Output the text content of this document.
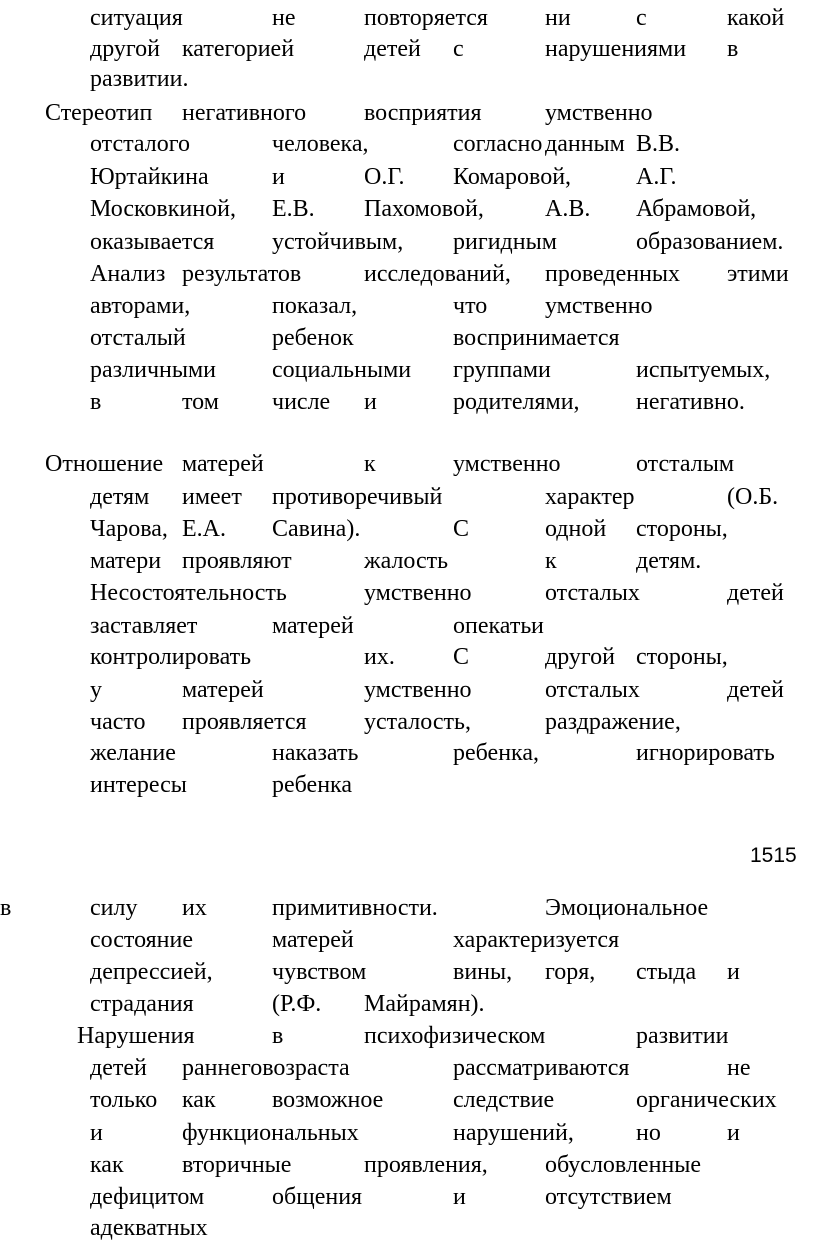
ситуация	не	повторяется ни	с	какой
другой категорией	детей с	нарушениями в
развитии.
Стереотип негативного восприятия	умственно
отсталого	человека,	согласно данным В.В.
Юртайкина	и	О.Г. Комаровой,	А.Г.
Московкиной, Е.В. Пахомовой,	А.В. Абрамовой,
оказывается устойчивым, ригидным	образованием.
Анализ результатов	исследований, проведенных этими
авторами,	показал,	что умственно
отсталый	ребенок	воспринимается
различными социальными группами	испытуемых,
в	том числе и	родителями, негативно.
Отношение матерей	к	умственно	отсталым
детям имеет противоречивый	характер	(О.Б.
Чарова, Е.А. Савина).	С	одной стороны,
матери проявляют	жалость	к	детям.
Несостоятельность	умственно	отсталых	детей
заставляет	матерей	опекать и
контролировать	их. С	другой стороны,
у	матерей	умственно	отсталых	детей
часто проявляется усталость,	раздражение,
желание	наказать	ребенка,	игнорировать
интересы	ребенка
в	силу их	примитивности.	Эмоциональное
состояние	матерей	характеризуется
депрессией, чувством	вины, горя, стыда и
страдания	(Р.Ф. Майрамян).
Нарушения	в	психофизическом	развитии
детей раннеговозраста	рассматриваются	не
только как возможное	следствие	органических
и	функциональных	нарушений,	но	и
как вторичные	проявления, обусловленные
дефицитом	общения	и	отсутствием
адекватных
1515
